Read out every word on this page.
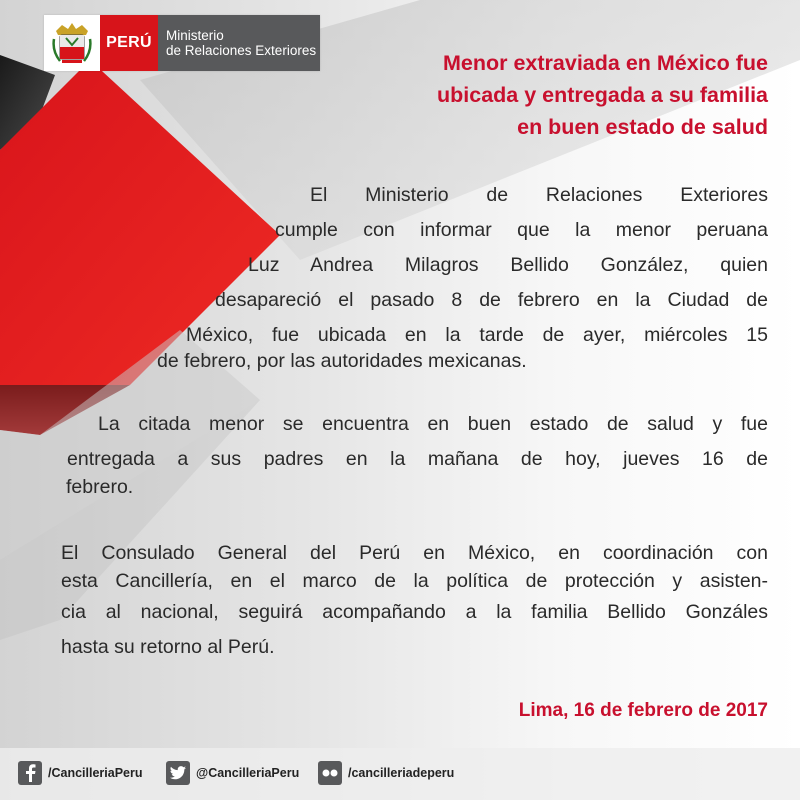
PERÚ	Ministerio
de Relaciones Exteriores
Menor extraviada en México fue
ubicada y entregada a su familia
en buen estado de salud
El Ministerio de Relaciones Exteriores
cumple con informar que la menor peruana
Luz Andrea Milagros Bellido González, quien
desapareció el pasado 8 de febrero en la Ciudad de
México, fue ubicada en la tarde de ayer, miércoles 15
de febrero, por las autoridades mexicanas.
La citada menor se encuentra en buen estado de salud y fue
entregada a sus padres en la mañana de hoy, jueves 16 de
febrero.
El Consulado General del Perú en México, en coordinación con
esta Cancillería, en el marco de la política de protección y asisten-
cia al nacional, seguirá acompañando a la familia Bellido Gonzáles
hasta su retorno al Perú.
Lima, 16 de febrero de 2017
/CancilleriaPeru	@CancilleriaPeru	/cancilleriadeperu
